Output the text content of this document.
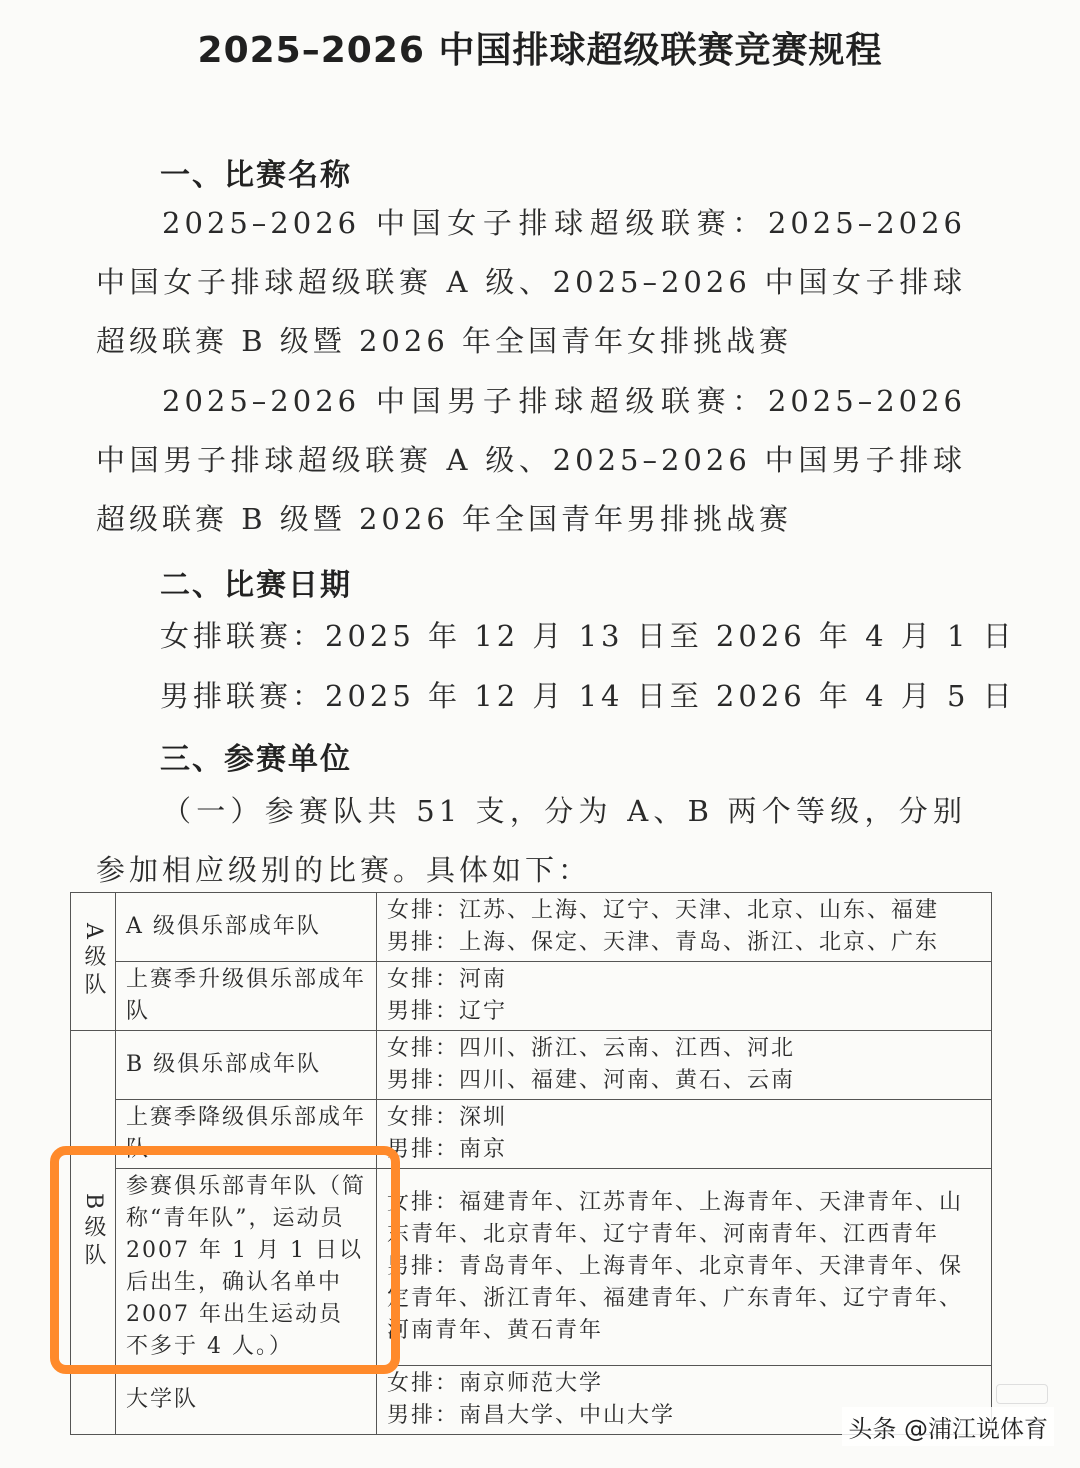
2025–2026 中国排球超级联赛竞赛规程
一、比赛名称
2025–2026 中国女子排球超级联赛：2025–2026 中国女子排球超级联赛 A 级、2025–2026 中国女子排球超级联赛 B 级暨 2026 年全国青年女排挑战赛
2025–2026 中国男子排球超级联赛：2025–2026 中国男子排球超级联赛 A 级、2025–2026 中国男子排球超级联赛 B 级暨 2026 年全国青年男排挑战赛
二、比赛日期
女排联赛：2025 年 12 月 13 日至 2026 年 4 月 1 日
男排联赛：2025 年 12 月 14 日至 2026 年 4 月 5 日
三、参赛单位
（一）参赛队共 51 支，分为 A、B 两个等级，分别参加相应级别的比赛。具体如下：
A级队	A 级俱乐部成年队	女排：江苏、上海、辽宁、天津、北京、山东、福建
男排：上海、保定、天津、青岛、浙江、北京、广东

	上赛季升级俱乐部成年队	女排：河南
男排：辽宁

B级队	B 级俱乐部成年队	女排：四川、浙江、云南、江西、河北
男排：四川、福建、河南、黄石、云南

	上赛季降级俱乐部成年队	女排：深圳
男排：南京

	参赛俱乐部青年队（简称“青年队”，运动员 2007 年 1 月 1 日以后出生，确认名单中 2007 年出生运动员不多于 4 人。）	女排：福建青年、江苏青年、上海青年、天津青年、山东青年、北京青年、辽宁青年、河南青年、江西青年
男排：青岛青年、上海青年、北京青年、天津青年、保定青年、浙江青年、福建青年、广东青年、辽宁青年、河南青年、黄石青年

	大学队	女排：南京师范大学
男排：南昌大学、中山大学	头条 @浦江说体育
